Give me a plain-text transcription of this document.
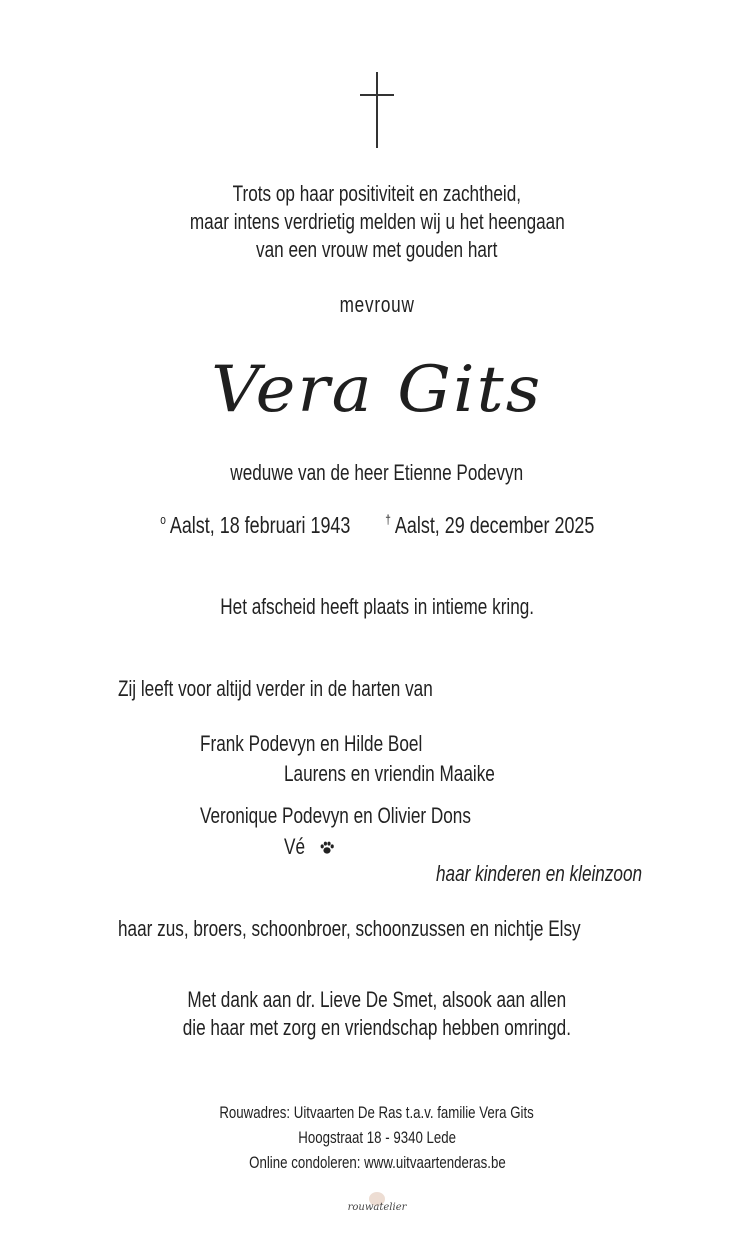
Trots op haar positiviteit en zachtheid,
maar intens verdrietig melden wij u het heengaan
van een vrouw met gouden hart
mevrouw
Vera Gits
weduwe van de heer Etienne Podevyn
$^o$ Aalst, 18 februari 1943	† Aalst, 29 december 2025
Het afscheid heeft plaats in intieme kring.
Zij leeft voor altijd verder in de harten van
Frank Podevyn en Hilde Boel
Laurens en vriendin Maaike
Veronique Podevyn en Olivier Dons
Vé
haar kinderen en kleinzoon
haar zus, broers, schoonbroer, schoonzussen en nichtje Elsy
Met dank aan dr. Lieve De Smet, alsook aan allen
die haar met zorg en vriendschap hebben omringd.
Rouwadres: Uitvaarten De Ras t.a.v. familie Vera Gits
Hoogstraat 18 - 9340 Lede
Online condoleren: www.uitvaartenderas.be
rouwatelier
